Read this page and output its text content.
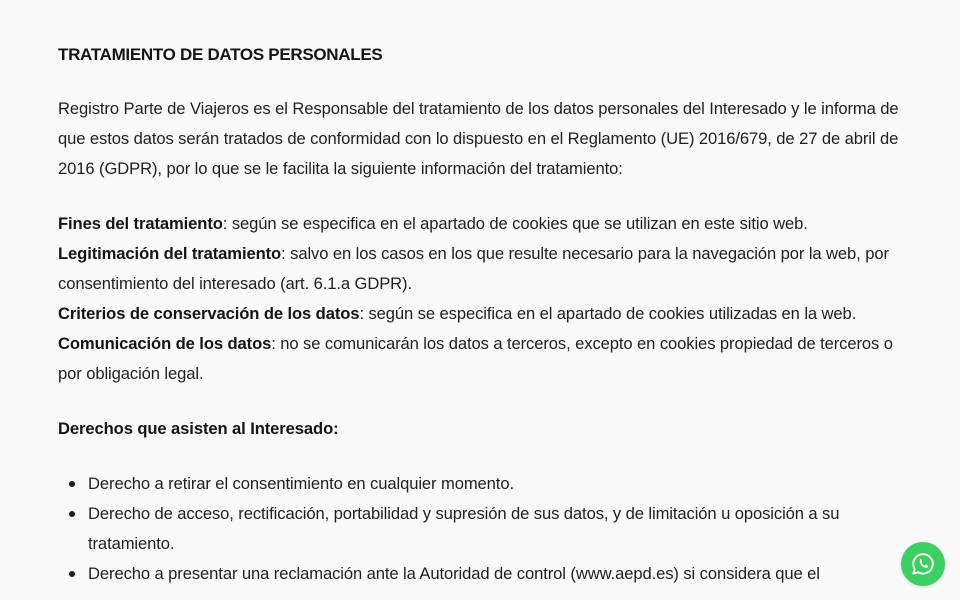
TRATAMIENTO DE DATOS PERSONALES
Registro Parte de Viajeros es el Responsable del tratamiento de los datos personales del Interesado y le informa de que estos datos serán tratados de conformidad con lo dispuesto en el Reglamento (UE) 2016/679, de 27 de abril de 2016 (GDPR), por lo que se le facilita la siguiente información del tratamiento:
Fines del tratamiento: según se especifica en el apartado de cookies que se utilizan en este sitio web.
Legitimación del tratamiento: salvo en los casos en los que resulte necesario para la navegación por la web, por consentimiento del interesado (art. 6.1.a GDPR).
Criterios de conservación de los datos: según se especifica en el apartado de cookies utilizadas en la web.
Comunicación de los datos: no se comunicarán los datos a terceros, excepto en cookies propiedad de terceros o por obligación legal.
Derechos que asisten al Interesado:
Derecho a retirar el consentimiento en cualquier momento.
Derecho de acceso, rectificación, portabilidad y supresión de sus datos, y de limitación u oposición a su tratamiento.
Derecho a presentar una reclamación ante la Autoridad de control (www.aepd.es) si considera que el
